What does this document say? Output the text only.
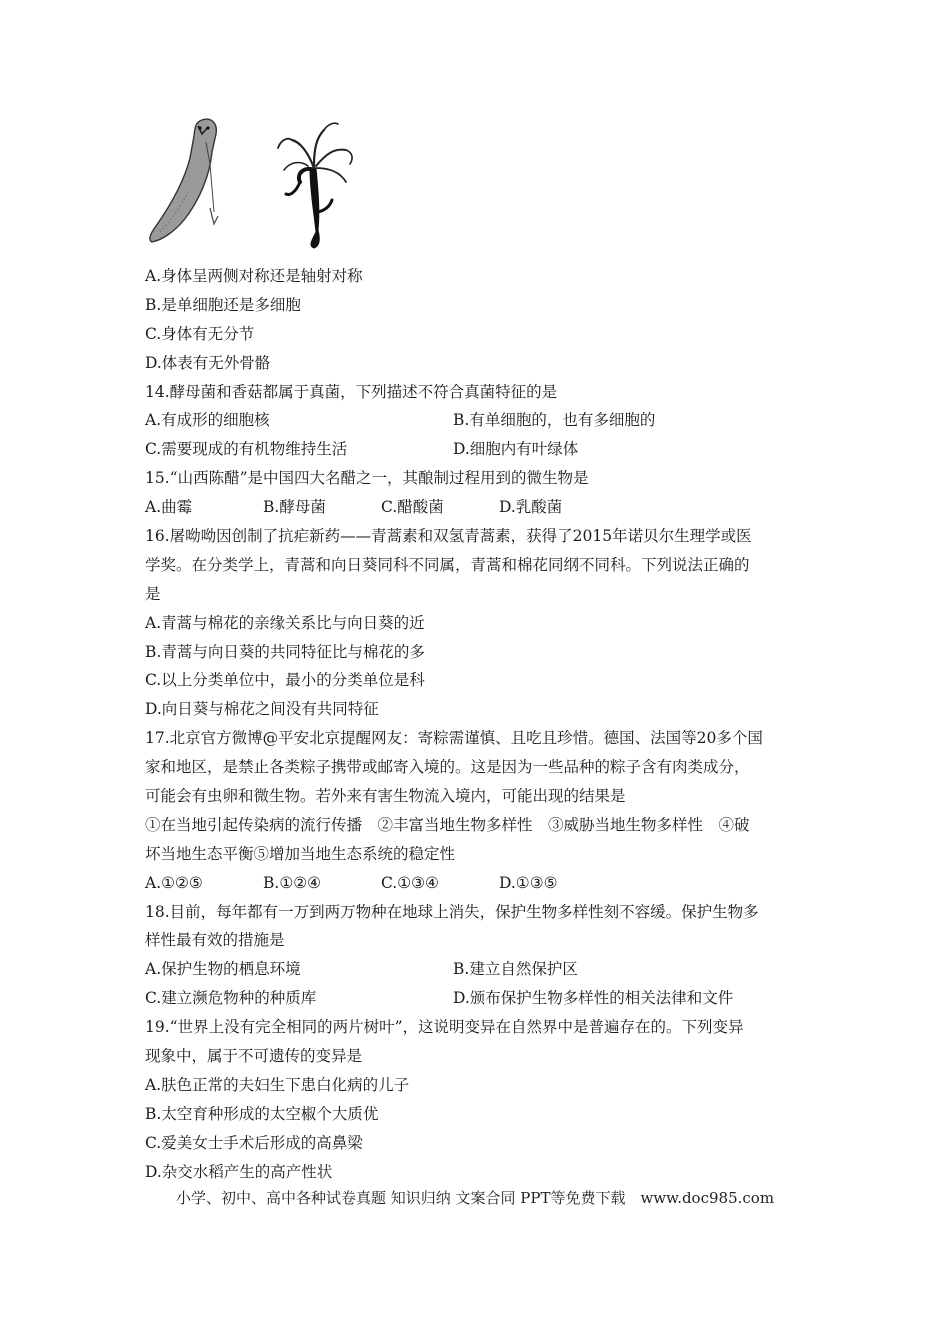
A.身体呈两侧对称还是轴射对称
B.是单细胞还是多细胞
C.身体有无分节
D.体表有无外骨骼
14.酵母菌和香菇都属于真菌，下列描述不符合真菌特征的是
A.有成形的细胞核	B.有单细胞的，也有多细胞的
C.需要现成的有机物维持生活	D.细胞内有叶绿体
15.“山西陈醋”是中国四大名醋之一，其酿制过程用到的微生物是
A.曲霉	B.酵母菌	C.醋酸菌	D.乳酸菌
16.屠呦呦因创制了抗疟新药——青蒿素和双氢青蒿素，获得了2015年诺贝尔生理学或医
学奖。在分类学上，青蒿和向日葵同科不同属，青蒿和棉花同纲不同科。下列说法正确的
是
A.青蒿与棉花的亲缘关系比与向日葵的近
B.青蒿与向日葵的共同特征比与棉花的多
C.以上分类单位中，最小的分类单位是科
D.向日葵与棉花之间没有共同特征
17.北京官方微博@平安北京提醒网友：寄粽需谨慎、且吃且珍惜。德国、法国等20多个国
家和地区，是禁止各类粽子携带或邮寄入境的。这是因为一些品种的粽子含有肉类成分，
可能会有虫卵和微生物。若外来有害生物流入境内，可能出现的结果是
①在当地引起传染病的流行传播　②丰富当地生物多样性　③威胁当地生物多样性　④破
坏当地生态平衡⑤增加当地生态系统的稳定性
A.①②⑤	B.①②④	C.①③④	D.①③⑤
18.目前，每年都有一万到两万物种在地球上消失，保护生物多样性刻不容缓。保护生物多
样性最有效的措施是
A.保护生物的栖息环境	B.建立自然保护区
C.建立濒危物种的种质库	D.颁布保护生物多样性的相关法律和文件
19.“世界上没有完全相同的两片树叶”，这说明变异在自然界中是普遍存在的。下列变异
现象中，属于不可遗传的变异是
A.肤色正常的夫妇生下患白化病的儿子
B.太空育种形成的太空椒个大质优
C.爱美女士手术后形成的高鼻梁
D.杂交水稻产生的高产性状
小学、初中、高中各种试卷真题 知识归纳 文案合同 PPT等免费下载　www.doc985.com
